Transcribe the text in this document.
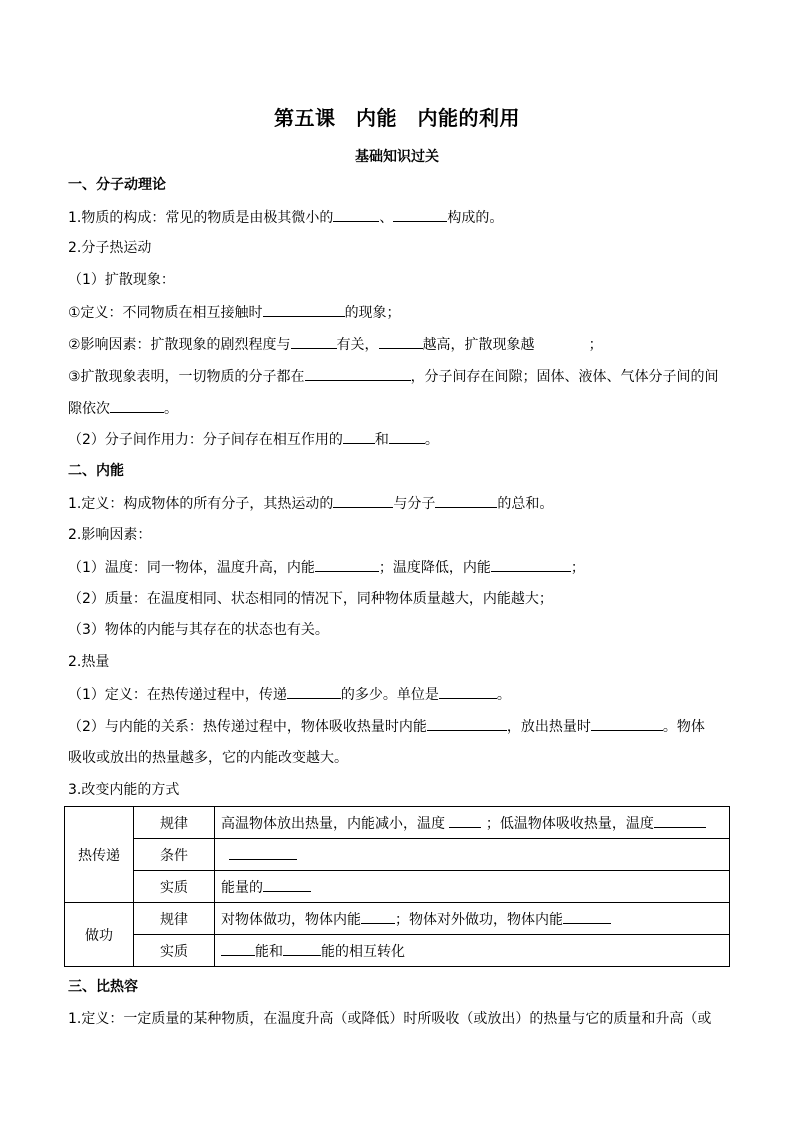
第五课　内能　内能的利用
基础知识过关
一、分子动理论
1.物质的构成：常见的物质是由极其微小的	、	构成的。
2.分子热运动
（1）扩散现象：
①定义：不同物质在相互接触时	的现象；
②影响因素：扩散现象的剧烈程度与	有关，	越高，扩散现象越	；
③扩散现象表明，一切物质的分子都在	，分子间存在间隙；固体、液体、气体分子间的间
隙依次	。
（2）分子间作用力：分子间存在相互作用的 和	。
二、内能
1.定义：构成物体的所有分子，其热运动的	与分子	的总和。
2.影响因素：
（1）温度：同一物体，温度升高，内能	；温度降低，内能	；
（2）质量：在温度相同、状态相同的情况下，同种物体质量越大，内能越大；
（3）物体的内能与其存在的状态也有关。
2.热量
（1）定义：在热传递过程中，传递	的多少。单位是	。
（2）与内能的关系：热传递过程中，物体吸收热量时内能	，放出热量时	。物体
吸收或放出的热量越多，它的内能改变越大。
3.改变内能的方式
热传递	规律	高温物体放出热量，内能减小，温度 ；低温物体吸收热量，温度
	条件	
	实质	能量的
做功	规律	对物体做功，物体内能 ；物体对外做功，物体内能
	实质	能和 能的相互转化
三、比热容
1.定义：一定质量的某种物质，在温度升高（或降低）时所吸收（或放出）的热量与它的质量和升高（或
